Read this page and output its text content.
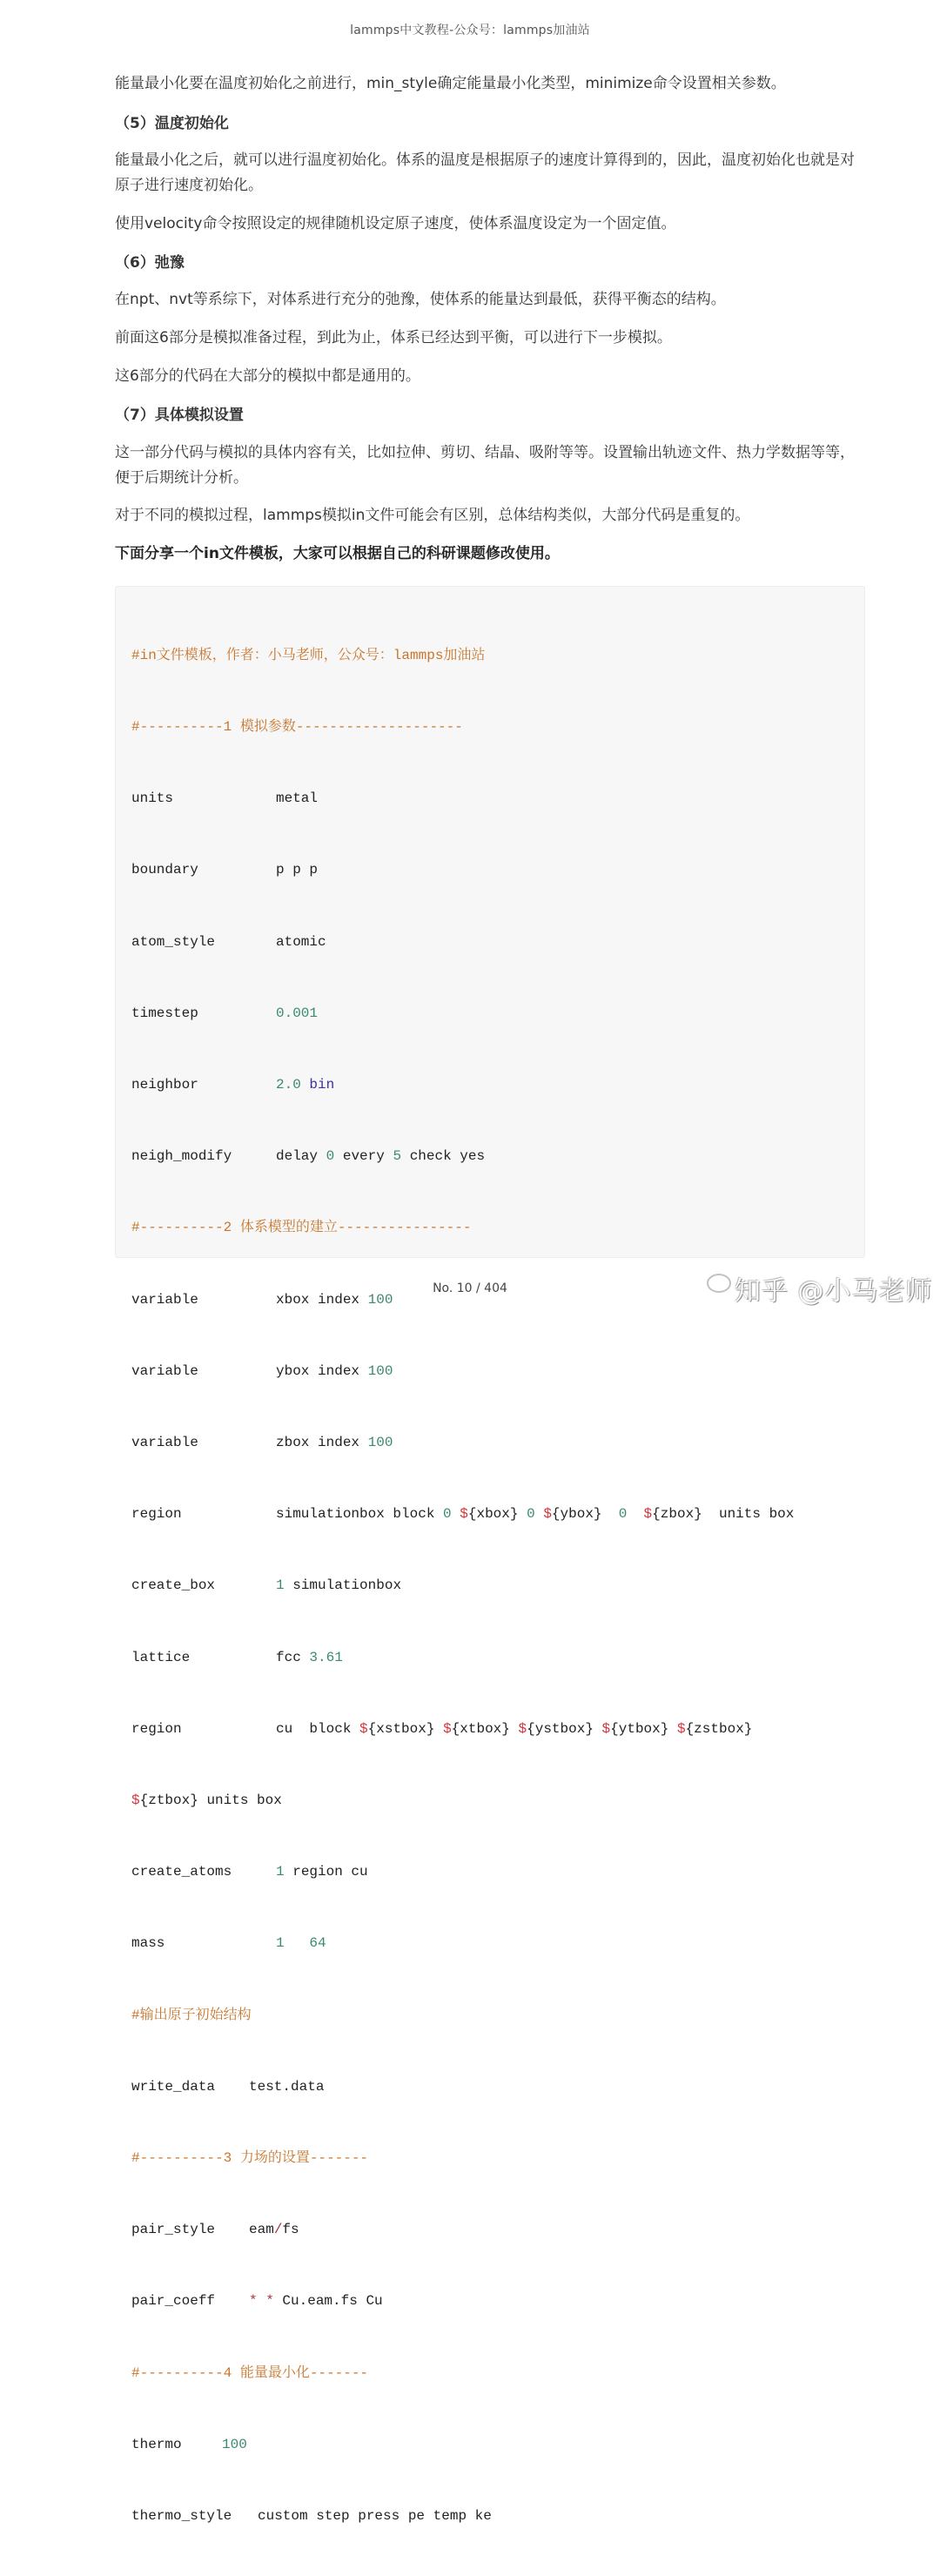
lammps中文教程-公众号：lammps加油站
能量最小化要在温度初始化之前进行，min_style确定能量最小化类型，minimize命令设置相关参数。
（5）温度初始化
能量最小化之后，就可以进行温度初始化。体系的温度是根据原子的速度计算得到的，因此，温度初始化也就是对原子进行速度初始化。
使用velocity命令按照设定的规律随机设定原子速度，使体系温度设定为一个固定值。
（6）弛豫
在npt、nvt等系综下，对体系进行充分的弛豫，使体系的能量达到最低，获得平衡态的结构。
前面这6部分是模拟准备过程，到此为止，体系已经达到平衡，可以进行下一步模拟。
这6部分的代码在大部分的模拟中都是通用的。
（7）具体模拟设置
这一部分代码与模拟的具体内容有关，比如拉伸、剪切、结晶、吸附等等。设置输出轨迹文件、热力学数据等等，便于后期统计分析。
对于不同的模拟过程，lammps模拟in文件可能会有区别，总体结构类似，大部分代码是重复的。
下面分享一个in文件模板，大家可以根据自己的科研课题修改使用。

#in文件模板，作者：小马老师，公众号：lammps加油站

#----------1 模拟参数--------------------

units	metal

boundary	p p p

atom_style	atomic

timestep	0.001

neighbor	2.0 bin

neigh_modify	delay 0 every 5 check yes

#----------2 体系模型的建立----------------

variable	xbox index 100

variable	ybox index 100

variable	zbox index 100

region	simulationbox block 0 ${xbox} 0 ${ybox} 0 ${zbox} units box

create_box	1 simulationbox

lattice	fcc 3.61

region	cu  block ${xstbox} ${xtbox} ${ystbox} ${ytbox} ${zstbox}

${ztbox} units box

create_atoms	1 region cu

mass	1 64

#输出原子初始结构

write_data test.data

#----------3 力场的设置-------

pair_style eam/fs

pair_coeff * * Cu.eam.fs Cu

#----------4 能量最小化-------

thermo	100

thermo_style custom step press pe temp ke

No. 10 / 404	知乎 @小马老师
